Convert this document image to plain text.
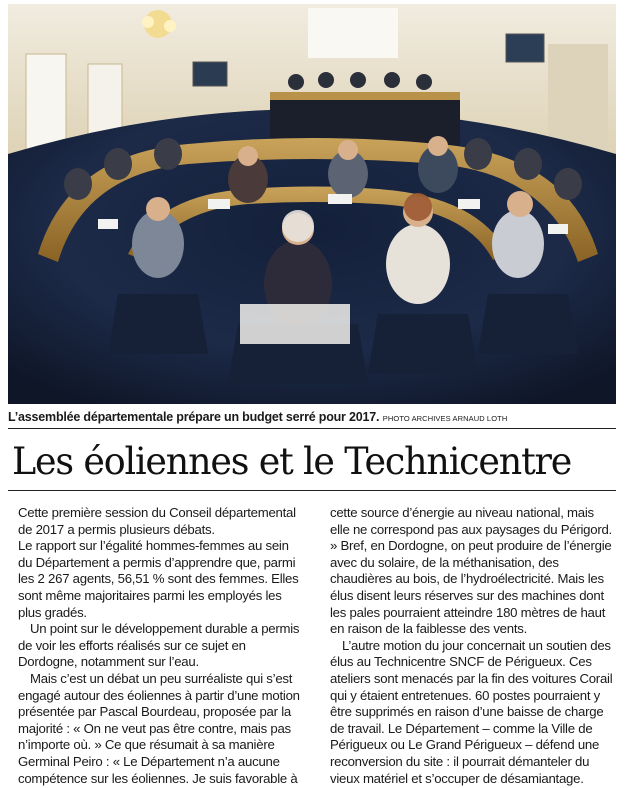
L’assemblée départementale prépare un budget serré pour 2017. PHOTO ARCHIVES ARNAUD LOTH
Les éoliennes et le Technicentre

Cette première session du Conseil départemental de 2017 a permis plusieurs débats.

Le rapport sur l’égalité hommes-femmes au sein du Département a permis d’apprendre que, parmi les 2 267 agents, 56,51 % sont des femmes. Elles sont même majoritaires parmi les employés les plus gradés.

Un point sur le développement durable a permis de voir les efforts réalisés sur ce sujet en Dordogne, notamment sur l’eau.

Mais c’est un débat un peu surréaliste qui s’est engagé autour des éoliennes à partir d’une motion présentée par Pascal Bourdeau, proposée par la majorité : « On ne veut pas être contre, mais pas n’importe où. » Ce que résumait à sa manière Germinal Peiro : « Le Département n’a aucune compétence sur les éoliennes. Je suis favorable à

cette source d’énergie au niveau national, mais elle ne correspond pas aux paysages du Périgord. » Bref, en Dordogne, on peut produire de l’énergie avec du solaire, de la méthanisation, des chaudières au bois, de l’hydroélectricité. Mais les élus disent leurs réserves sur des machines dont les pales pourraient atteindre 180 mètres de haut en raison de la faiblesse des vents.

L’autre motion du jour concernait un soutien des élus au Technicentre SNCF de Périgueux. Ces ateliers sont menacés par la fin des voitures Corail qui y étaient entretenues. 60 postes pourraient y être supprimés en raison d’une baisse de charge de travail. Le Département – comme la Ville de Périgueux ou Le Grand Périgueux – défend une reconversion du site : il pourrait démanteler du vieux matériel et s’occuper de désamiantage.
